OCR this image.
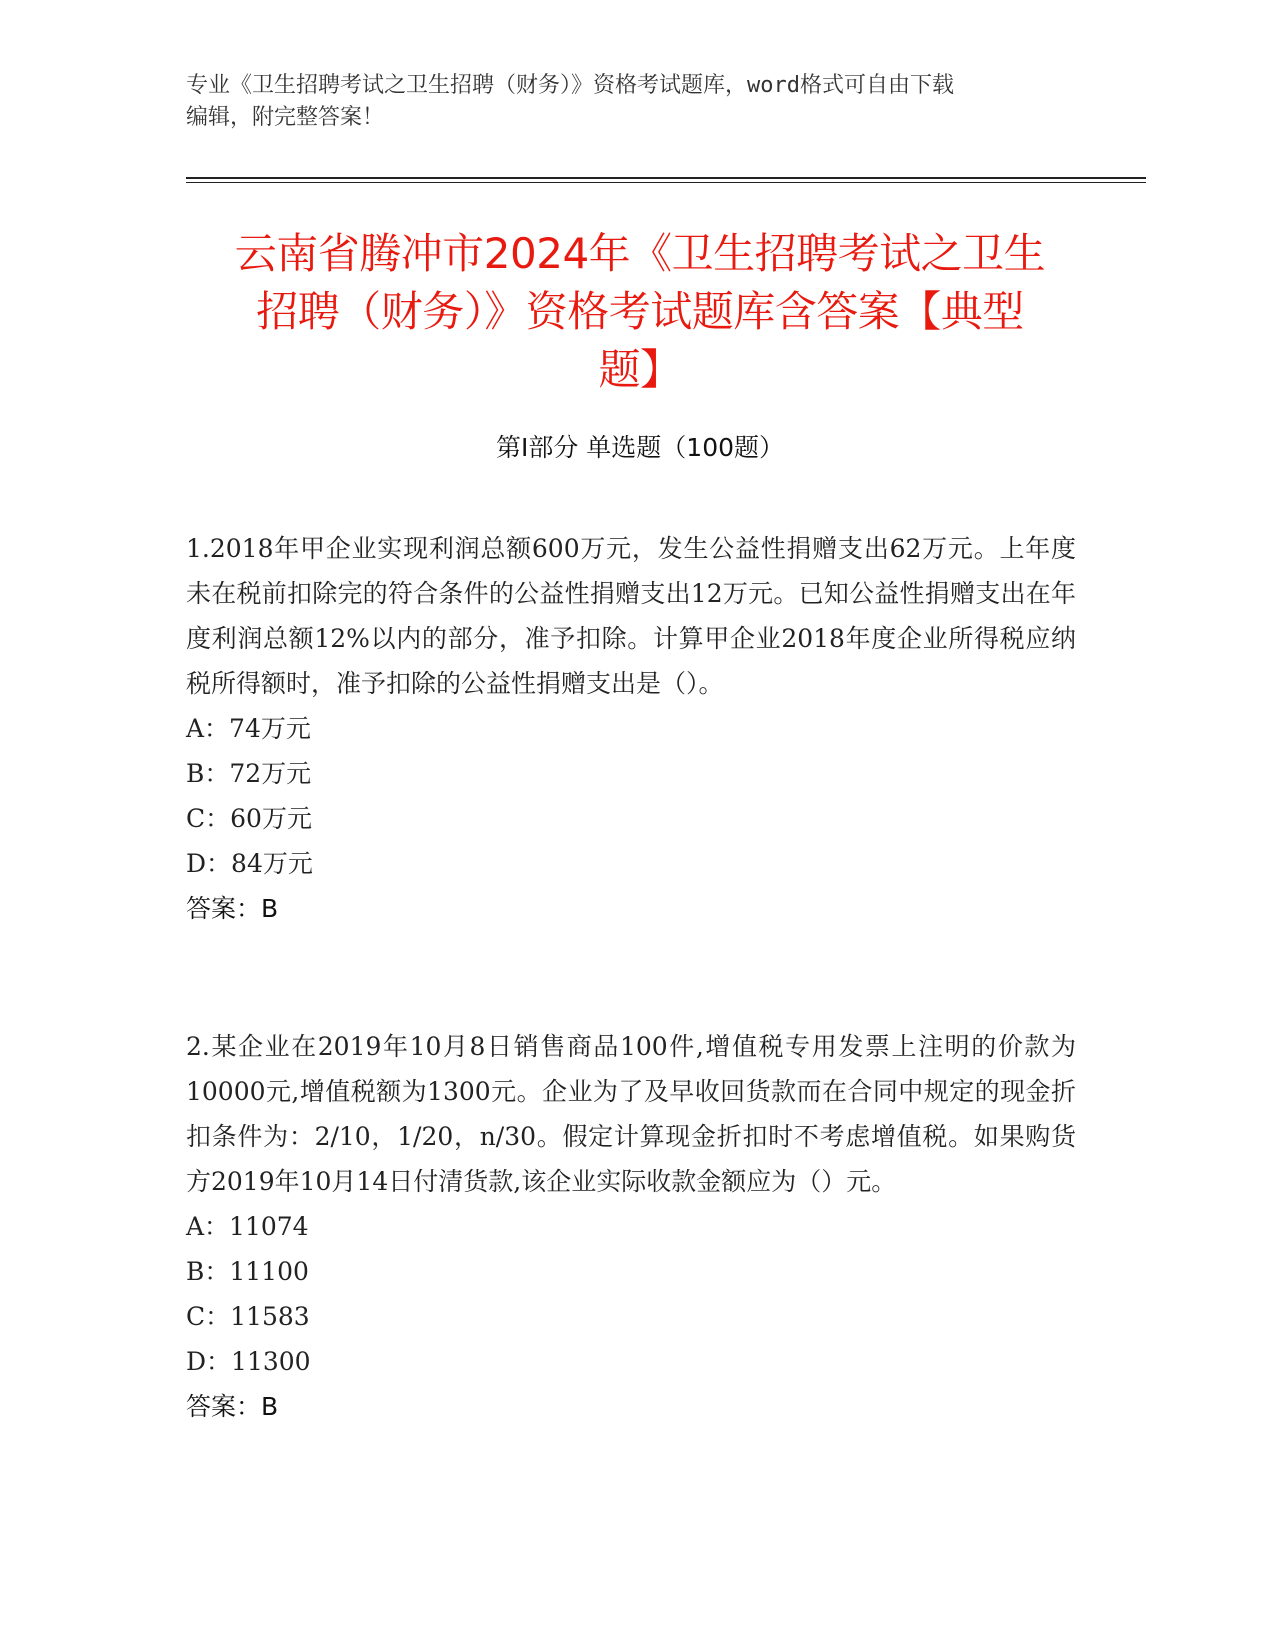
专业《卫生招聘考试之卫生招聘（财务）》资格考试题库，word格式可自由下载
编辑，附完整答案！
云南省腾冲市2024年《卫生招聘考试之卫生
招聘（财务）》资格考试题库含答案【典型
题】
第Ⅰ部分 单选题（100题）

1.2018年甲企业实现利润总额600万元，发生公益性捐赠支出62万元。上年度未在税前扣除完的符合条件的公益性捐赠支出12万元。已知公益性捐赠支出在年度利润总额12%以内的部分，准予扣除。计算甲企业2018年度企业所得税应纳税所得额时，准予扣除的公益性捐赠支出是（）。

A：74万元

B：72万元

C：60万元

D：84万元

答案：B

2.某企业在2019年10月8日销售商品100件,增值税专用发票上注明的价款为10000元,增值税额为1300元。企业为了及早收回货款而在合同中规定的现金折扣条件为：2/10，1/20，n/30。假定计算现金折扣时不考虑增值税。如果购货方2019年10月14日付清货款,该企业实际收款金额应为（）元。

A：11074

B：11100

C：11583

D：11300

答案：B
